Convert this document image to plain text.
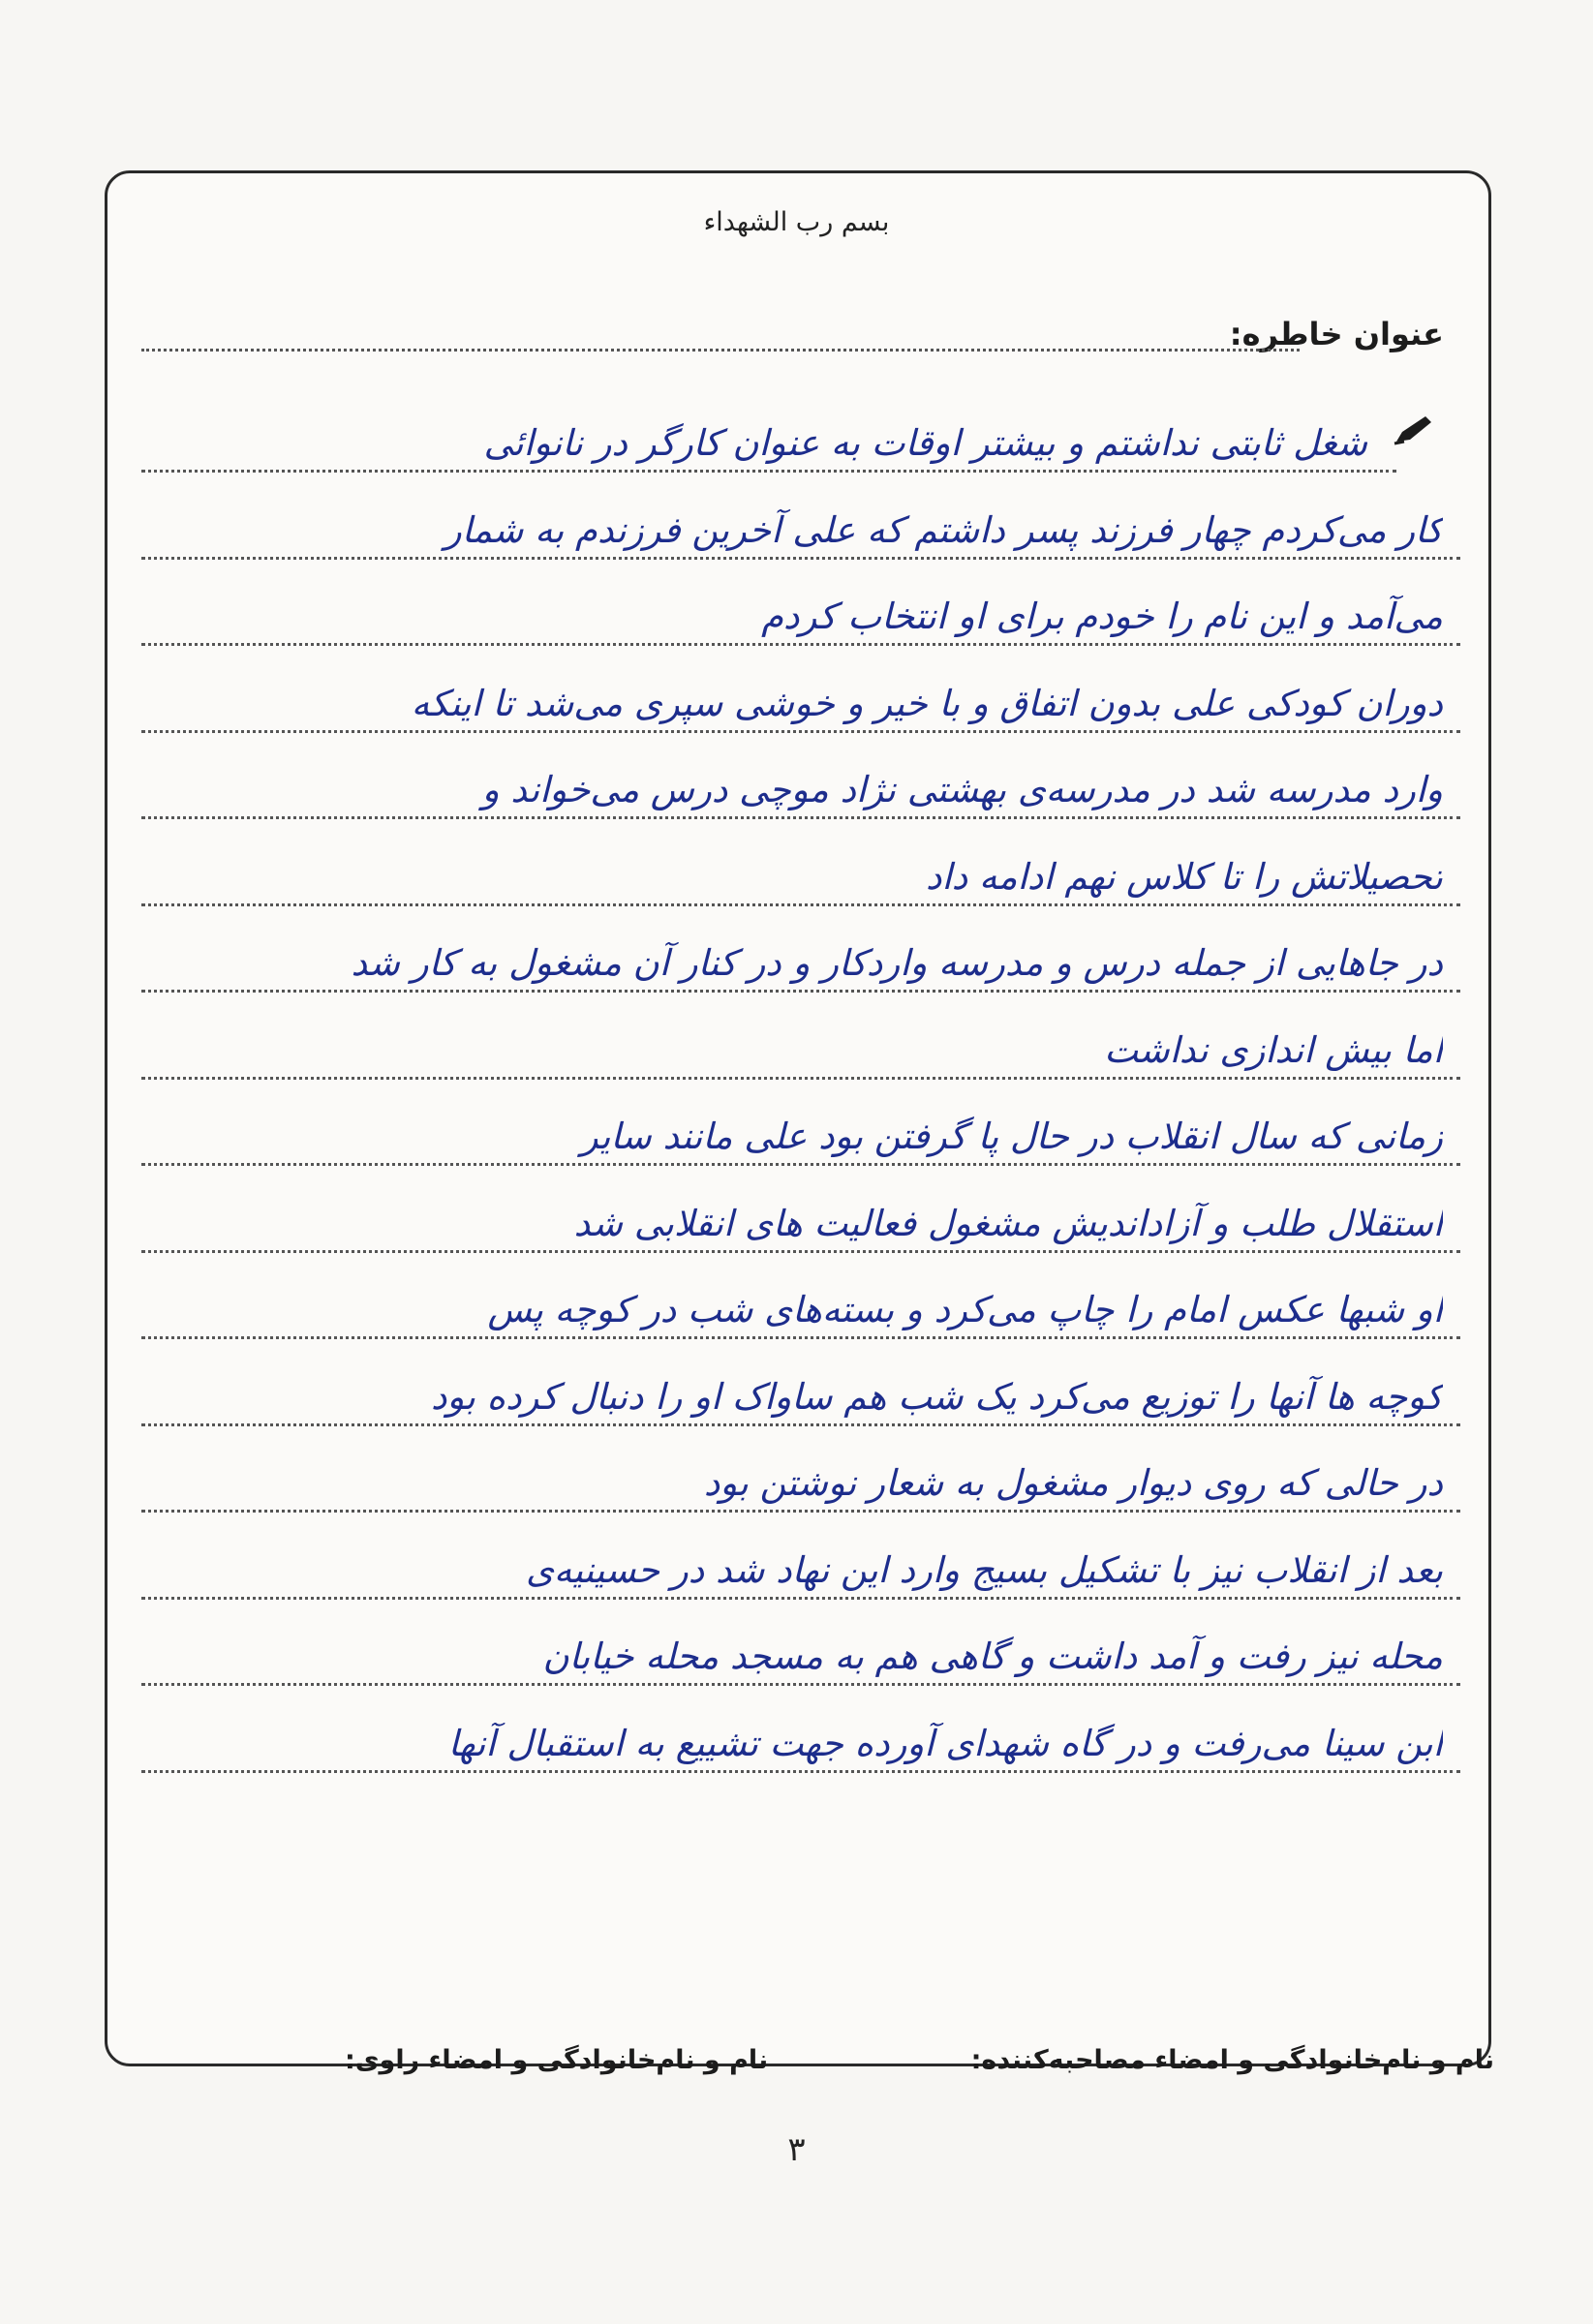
بسم رب الشهداء
عنوان خاطره:
شغل ثابتی نداشتم و بیشتر اوقات به عنوان کارگر در نانوائی
کار می‌کردم چهار فرزند پسر داشتم که علی آخرین فرزندم به شمار
می‌آمد و این نام را خودم برای او انتخاب کردم
دوران کودکی علی بدون اتفاق و با خیر و خوشی سپری می‌شد تا اینکه
وارد مدرسه شد در مدرسه‌ی بهشتی نژاد موچی درس می‌خواند و
تحصیلاتش را تا کلاس نهم ادامه داد
در جاهایی از جمله درس و مدرسه واردکار و در کنار آن مشغول به کار شد
اما بیش اندازی نداشت
زمانی که سال انقلاب در حال پا گرفتن بود علی مانند سایر
استقلال طلب و آزاداندیش مشغول فعالیت های انقلابی شد
او شبها عکس امام را چاپ می‌کرد و بسته‌های شب در کوچه پس
کوچه ها آنها را توزیع می‌کرد یک شب هم ساواک او را دنبال کرده بود
در حالی که روی دیوار مشغول به شعار نوشتن بود
بعد از انقلاب نیز با تشکیل بسیج وارد این نهاد شد در حسینیه‌ی
محله نیز رفت و آمد داشت و گاهی هم به مسجد محله خیابان
ابن سینا می‌رفت و در گاه شهدای آورده جهت تشییع به استقبال آنها
نام و نام‌خانوادگی و امضاء مصاحبه‌کننده:
نام و نام‌خانوادگی و امضاء راوی:
۳
